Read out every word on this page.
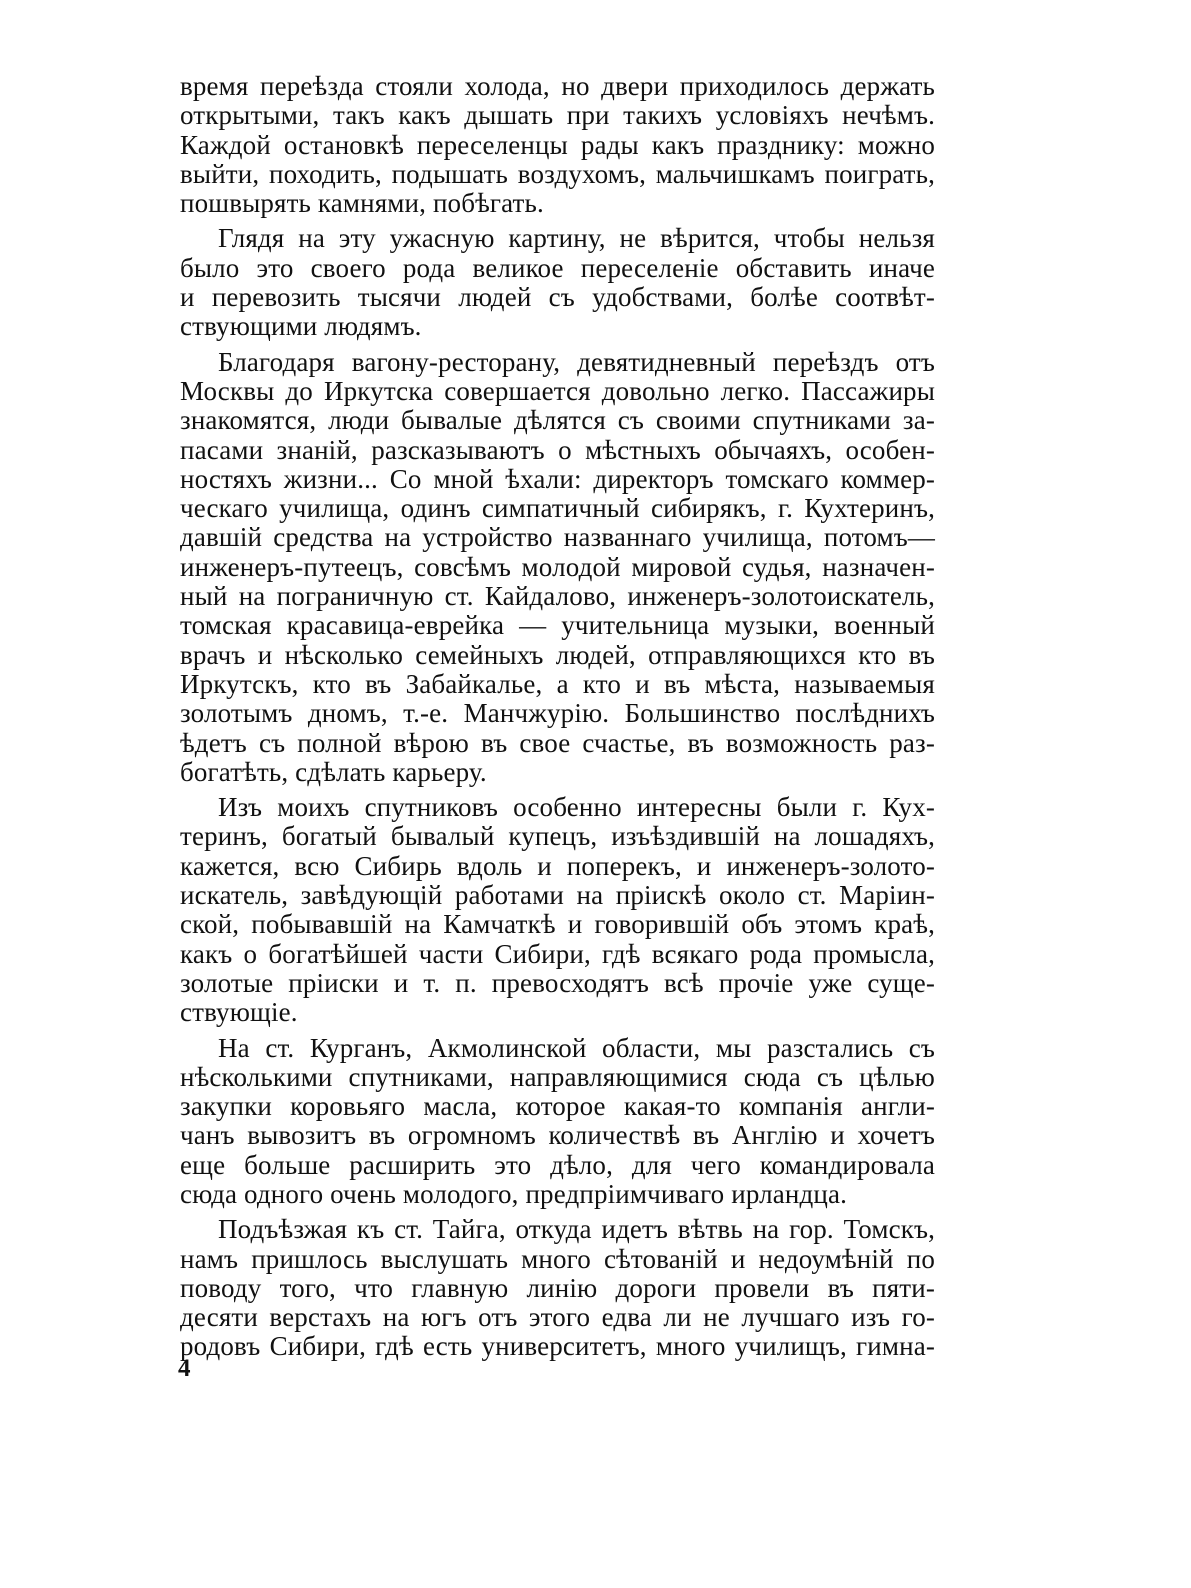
время переѣзда стояли холода, но двери приходилось держать
открытыми, такъ какъ дышать при такихъ условіяхъ нечѣмъ.
Каждой остановкѣ переселенцы рады какъ празднику: можно
выйти, походить, подышать воздухомъ, мальчишкамъ поиграть,
пошвырять камнями, побѣгать.
Глядя на эту ужасную картину, не вѣрится, чтобы нельзя
было это своего рода великое переселеніе обставить иначе
и перевозить тысячи людей съ удобствами, болѣе соотвѣт-
ствующими людямъ.
Благодаря вагону-ресторану, девятидневный переѣздъ отъ
Москвы до Иркутска совершается довольно легко. Пассажиры
знакомятся, люди бывалые дѣлятся съ своими спутниками за-
пасами знаній, разсказываютъ о мѣстныхъ обычаяхъ, особен-
ностяхъ жизни... Со мной ѣхали: директоръ томскаго коммер-
ческаго училища, одинъ симпатичный сибирякъ, г. Кухтеринъ,
давшій средства на устройство названнаго училища, потомъ—
инженеръ-путеецъ, совсѣмъ молодой мировой судья, назначен-
ный на пограничную ст. Кайдалово, инженеръ-золотоискатель,
томская красавица-еврейка — учительница музыки, военный
врачъ и нѣсколько семейныхъ людей, отправляющихся кто въ
Иркутскъ, кто въ Забайкалье, а кто и въ мѣста, называемыя
золотымъ дномъ, т.-е. Манчжурію. Большинство послѣднихъ
ѣдетъ съ полной вѣрою въ свое счастье, въ возможность раз-
богатѣть, сдѣлать карьеру.
Изъ моихъ спутниковъ особенно интересны были г. Кух-
теринъ, богатый бывалый купецъ, изъѣздившій на лошадяхъ,
кажется, всю Сибирь вдоль и поперекъ, и инженеръ-золото-
искатель, завѣдующій работами на пріискѣ около ст. Маріин-
ской, побывавшій на Камчаткѣ и говорившій объ этомъ краѣ,
какъ о богатѣйшей части Сибири, гдѣ всякаго рода промысла,
золотые пріиски и т. п. превосходятъ всѣ прочіе уже суще-
ствующіе.
На ст. Курганъ, Акмолинской области, мы разстались съ
нѣсколькими спутниками, направляющимися сюда съ цѣлью
закупки коровьяго масла, которое какая-то компанія англи-
чанъ вывозитъ въ огромномъ количествѣ въ Англію и хочетъ
еще больше расширить это дѣло, для чего командировала
сюда одного очень молодого, предпріимчиваго ирландца.
Подъѣзжая къ ст. Тайга, откуда идетъ вѣтвь на гор. Томскъ,
намъ пришлось выслушать много сѣтованій и недоумѣній по
поводу того, что главную линію дороги провели въ пяти-
десяти верстахъ на югъ отъ этого едва ли не лучшаго изъ го-
родовъ Сибири, гдѣ есть университетъ, много училищъ, гимна-
4
